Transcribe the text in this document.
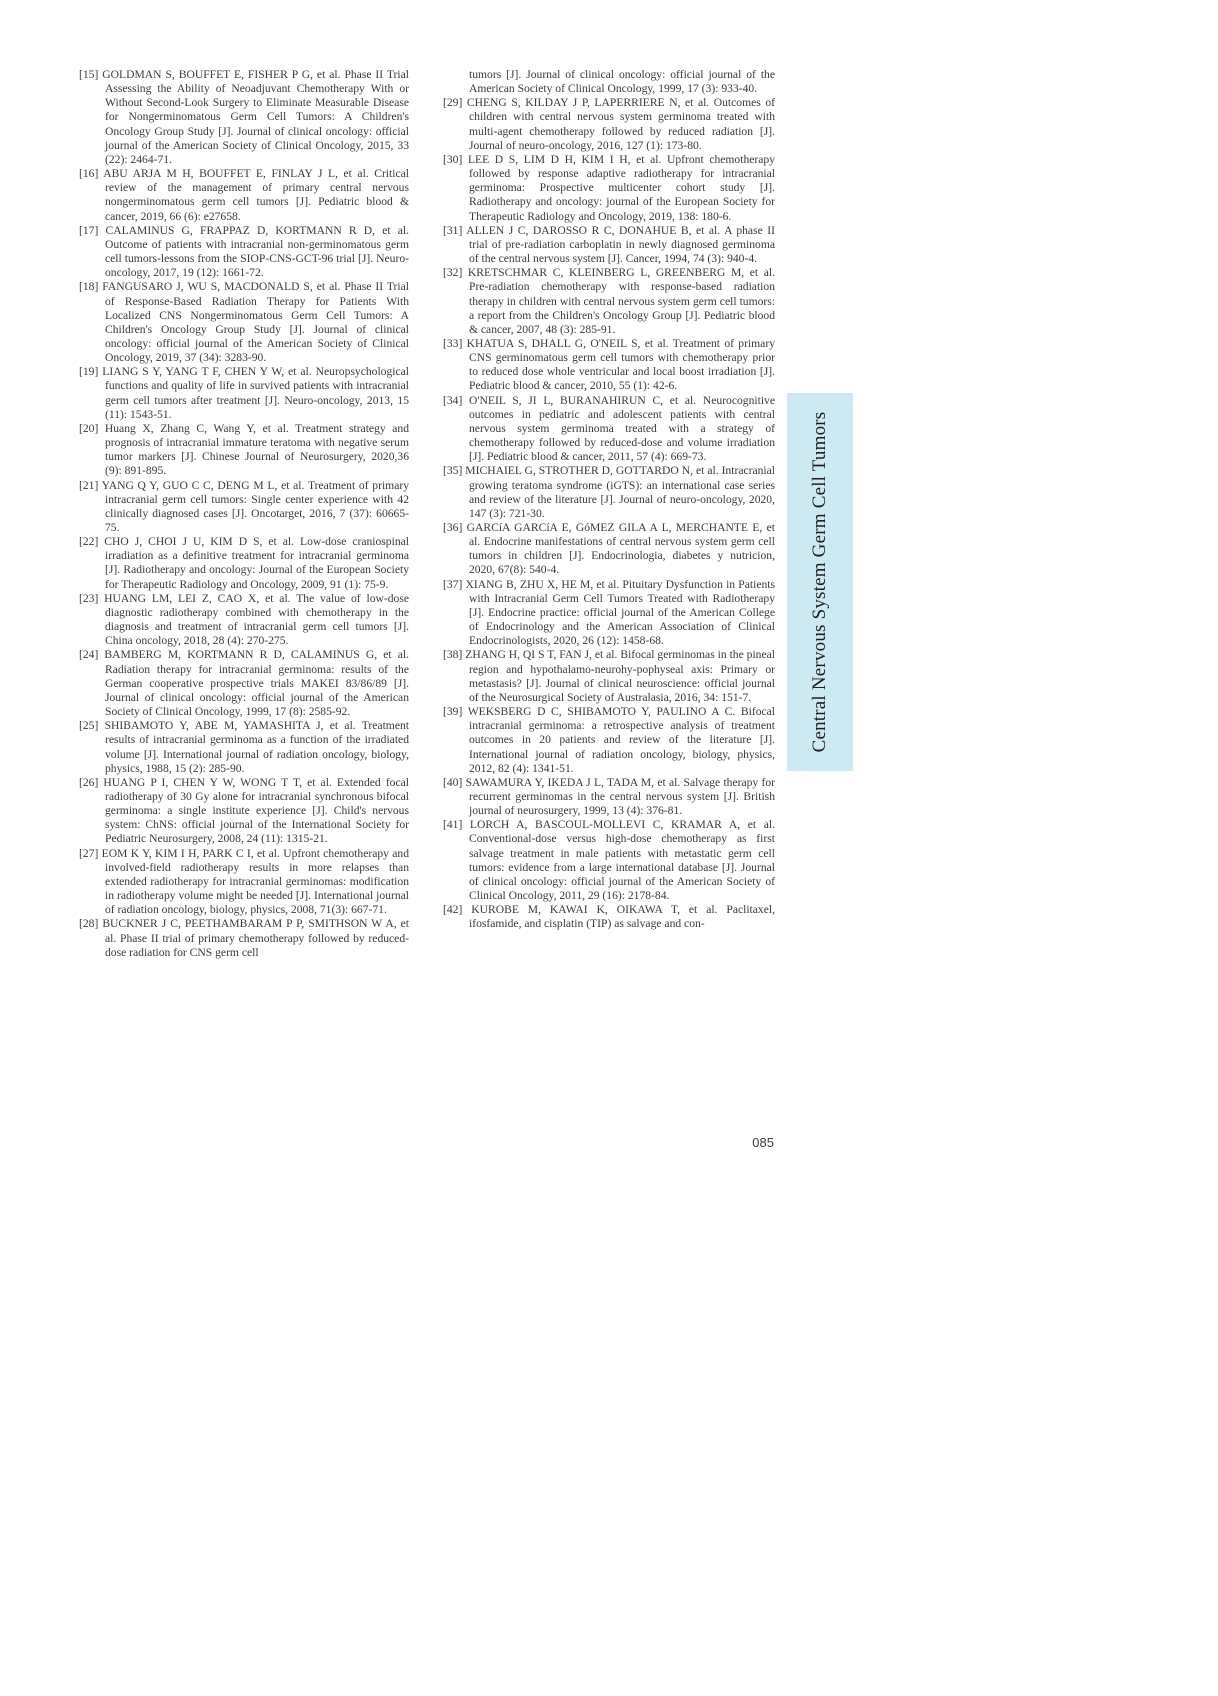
[15] GOLDMAN S, BOUFFET E, FISHER P G, et al. Phase II Trial Assessing the Ability of Neoadjuvant Chemotherapy With or Without Second-Look Surgery to Eliminate Measurable Disease for Nongerminomatous Germ Cell Tumors: A Children's Oncology Group Study [J]. Journal of clinical oncology: official journal of the American Society of Clinical Oncology, 2015, 33 (22): 2464-71.

[16] ABU ARJA M H, BOUFFET E, FINLAY J L, et al. Critical review of the management of primary central nervous nongerminomatous germ cell tumors [J]. Pediatric blood & cancer, 2019, 66 (6): e27658.

[17] CALAMINUS G, FRAPPAZ D, KORTMANN R D, et al. Outcome of patients with intracranial non-germinomatous germ cell tumors-lessons from the SIOP-CNS-GCT-96 trial [J]. Neuro-oncology, 2017, 19 (12): 1661-72.

[18] FANGUSARO J, WU S, MACDONALD S, et al. Phase II Trial of Response-Based Radiation Therapy for Patients With Localized CNS Nongerminomatous Germ Cell Tumors: A Children's Oncology Group Study [J]. Journal of clinical oncology: official journal of the American Society of Clinical Oncology, 2019, 37 (34): 3283-90.

[19] LIANG S Y, YANG T F, CHEN Y W, et al. Neuropsychological functions and quality of life in survived patients with intracranial germ cell tumors after treatment [J]. Neuro-oncology, 2013, 15 (11): 1543-51.

[20] Huang X, Zhang C, Wang Y, et al. Treatment strategy and prognosis of intracranial immature teratoma with negative serum tumor markers [J]. Chinese Journal of Neurosurgery, 2020,36 (9): 891-895.

[21] YANG Q Y, GUO C C, DENG M L, et al. Treatment of primary intracranial germ cell tumors: Single center experience with 42 clinically diagnosed cases [J]. Oncotarget, 2016, 7 (37): 60665-75.

[22] CHO J, CHOI J U, KIM D S, et al. Low-dose craniospinal irradiation as a definitive treatment for intracranial germinoma [J]. Radiotherapy and oncology: Journal of the European Society for Therapeutic Radiology and Oncology, 2009, 91 (1): 75-9.

[23] HUANG LM, LEI Z, CAO X, et al. The value of low-dose diagnostic radiotherapy combined with chemotherapy in the diagnosis and treatment of intracranial germ cell tumors [J]. China oncology, 2018, 28 (4): 270-275.

[24] BAMBERG M, KORTMANN R D, CALAMINUS G, et al. Radiation therapy for intracranial germinoma: results of the German cooperative prospective trials MAKEI 83/86/89 [J]. Journal of clinical oncology: official journal of the American Society of Clinical Oncology, 1999, 17 (8): 2585-92.

[25] SHIBAMOTO Y, ABE M, YAMASHITA J, et al. Treatment results of intracranial germinoma as a function of the irradiated volume [J]. International journal of radiation oncology, biology, physics, 1988, 15 (2): 285-90.

[26] HUANG P I, CHEN Y W, WONG T T, et al. Extended focal radiotherapy of 30 Gy alone for intracranial synchronous bifocal germinoma: a single institute experience [J]. Child's nervous system: ChNS: official journal of the International Society for Pediatric Neurosurgery, 2008, 24 (11): 1315-21.

[27] EOM K Y, KIM I H, PARK C I, et al. Upfront chemotherapy and involved-field radiotherapy results in more relapses than extended radiotherapy for intracranial germinomas: modification in radiotherapy volume might be needed [J]. International journal of radiation oncology, biology, physics, 2008, 71(3): 667-71.

[28] BUCKNER J C, PEETHAMBARAM P P, SMITHSON W A, et al. Phase II trial of primary chemotherapy followed by reduced-dose radiation for CNS germ cell

tumors [J]. Journal of clinical oncology: official journal of the American Society of Clinical Oncology, 1999, 17 (3): 933-40.

[29] CHENG S, KILDAY J P, LAPERRIERE N, et al. Outcomes of children with central nervous system germinoma treated with multi-agent chemotherapy followed by reduced radiation [J]. Journal of neuro-oncology, 2016, 127 (1): 173-80.

[30] LEE D S, LIM D H, KIM I H, et al. Upfront chemotherapy followed by response adaptive radiotherapy for intracranial germinoma: Prospective multicenter cohort study [J]. Radiotherapy and oncology: journal of the European Society for Therapeutic Radiology and Oncology, 2019, 138: 180-6.

[31] ALLEN J C, DAROSSO R C, DONAHUE B, et al. A phase II trial of pre-radiation carboplatin in newly diagnosed germinoma of the central nervous system [J]. Cancer, 1994, 74 (3): 940-4.

[32] KRETSCHMAR C, KLEINBERG L, GREENBERG M, et al. Pre-radiation chemotherapy with response-based radiation therapy in children with central nervous system germ cell tumors: a report from the Children's Oncology Group [J]. Pediatric blood & cancer, 2007, 48 (3): 285-91.

[33] KHATUA S, DHALL G, O'NEIL S, et al. Treatment of primary CNS germinomatous germ cell tumors with chemotherapy prior to reduced dose whole ventricular and local boost irradiation [J]. Pediatric blood & cancer, 2010, 55 (1): 42-6.

[34] O'NEIL S, JI L, BURANAHIRUN C, et al. Neurocognitive outcomes in pediatric and adolescent patients with central nervous system germinoma treated with a strategy of chemotherapy followed by reduced-dose and volume irradiation [J]. Pediatric blood & cancer, 2011, 57 (4): 669-73.

[35] MICHAIEL G, STROTHER D, GOTTARDO N, et al. Intracranial growing teratoma syndrome (iGTS): an international case series and review of the literature [J]. Journal of neuro-oncology, 2020, 147 (3): 721-30.

[36] GARCíA GARCíA E, GóMEZ GILA A L, MERCHANTE E, et al. Endocrine manifestations of central nervous system germ cell tumors in children [J]. Endocrinologia, diabetes y nutricion, 2020, 67(8): 540-4.

[37] XIANG B, ZHU X, HE M, et al. Pituitary Dysfunction in Patients with Intracranial Germ Cell Tumors Treated with Radiotherapy [J]. Endocrine practice: official journal of the American College of Endocrinology and the American Association of Clinical Endocrinologists, 2020, 26 (12): 1458-68.

[38] ZHANG H, QI S T, FAN J, et al. Bifocal germinomas in the pineal region and hypothalamo-neurohy-pophyseal axis: Primary or metastasis? [J]. Journal of clinical neuroscience: official journal of the Neurosurgical Society of Australasia, 2016, 34: 151-7.

[39] WEKSBERG D C, SHIBAMOTO Y, PAULINO A C. Bifocal intracranial germinoma: a retrospective analysis of treatment outcomes in 20 patients and review of the literature [J]. International journal of radiation oncology, biology, physics, 2012, 82 (4): 1341-51.

[40] SAWAMURA Y, IKEDA J L, TADA M, et al. Salvage therapy for recurrent germinomas in the central nervous system [J]. British journal of neurosurgery, 1999, 13 (4): 376-81.

[41] LORCH A, BASCOUL-MOLLEVI C, KRAMAR A, et al. Conventional-dose versus high-dose chemotherapy as first salvage treatment in male patients with metastatic germ cell tumors: evidence from a large international database [J]. Journal of clinical oncology: official journal of the American Society of Clinical Oncology, 2011, 29 (16): 2178-84.

[42] KUROBE M, KAWAI K, OIKAWA T, et al. Paclitaxel, ifosfamide, and cisplatin (TIP) as salvage and con-

Central Nervous System Germ Cell Tumors
085
